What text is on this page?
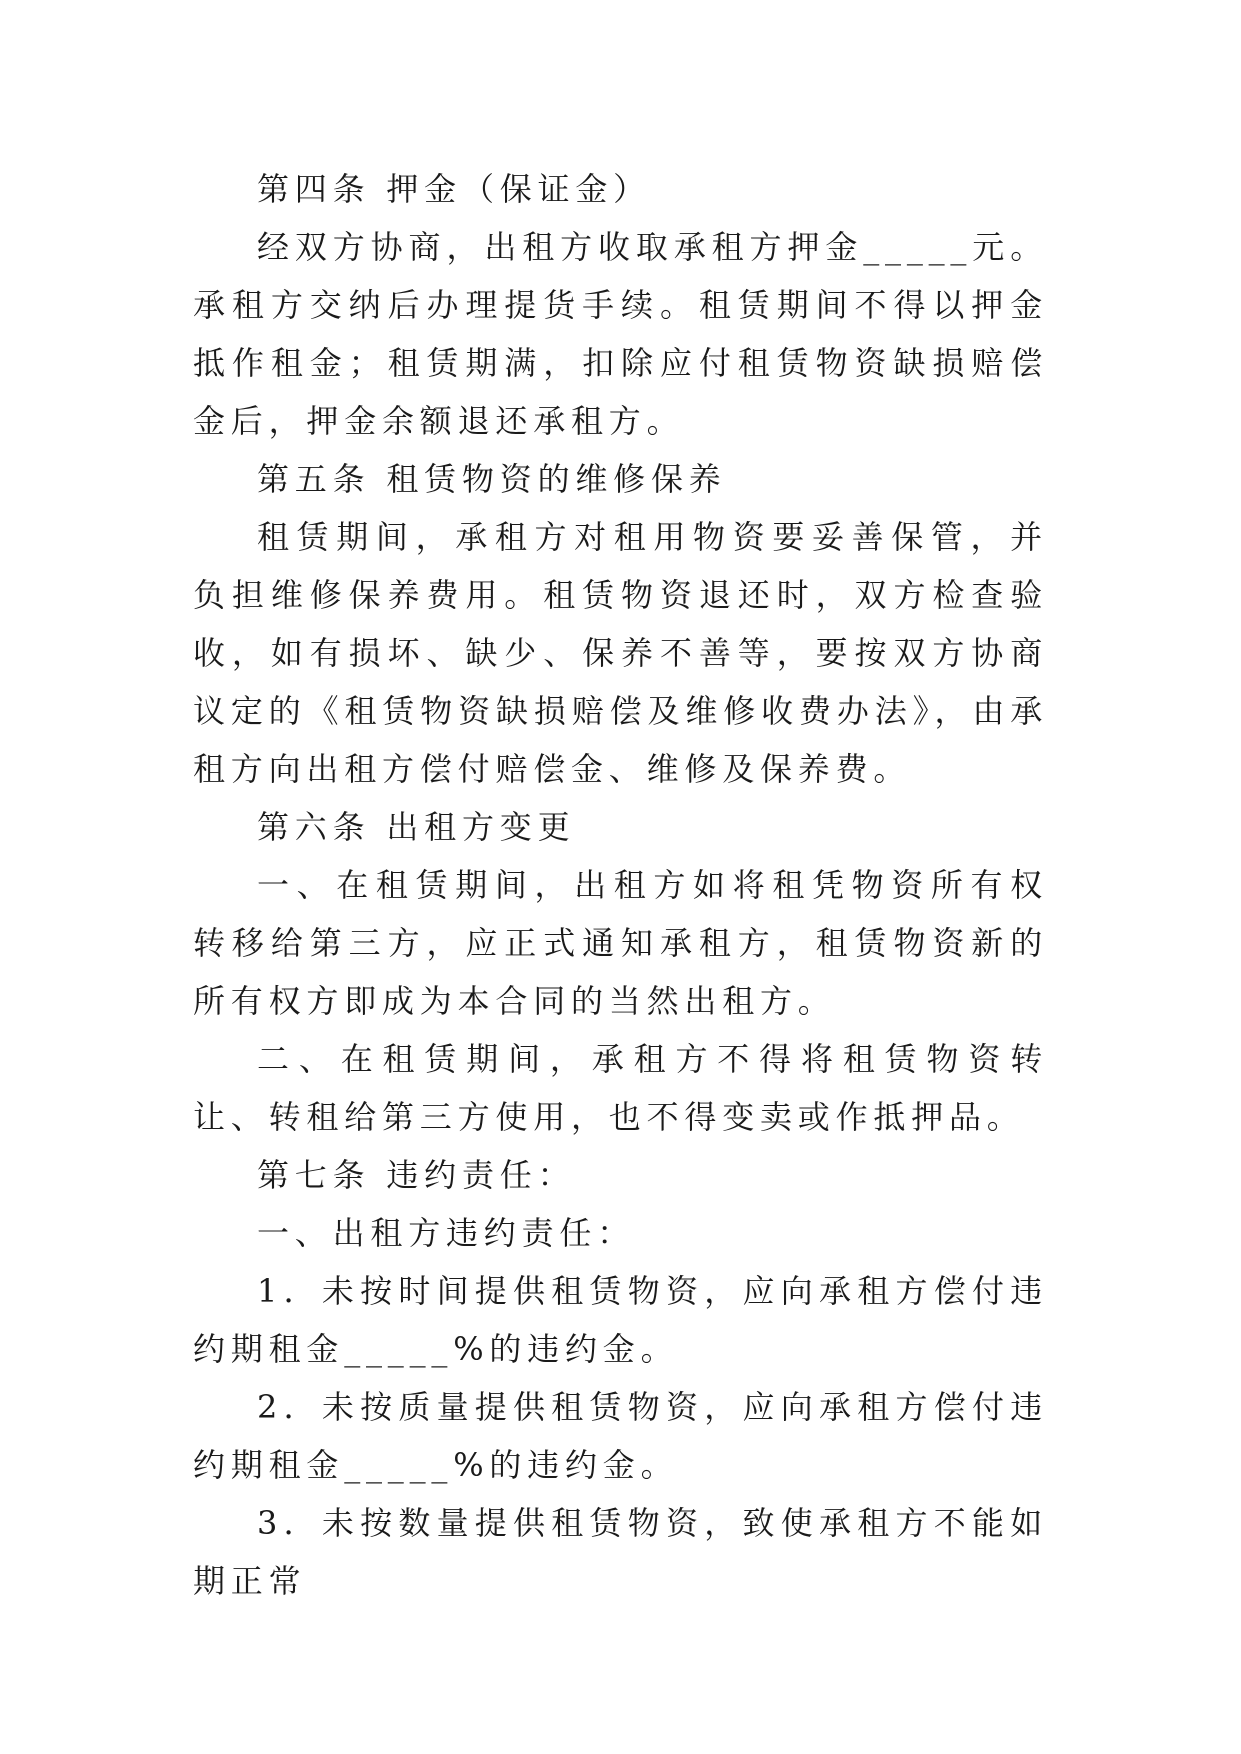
第四条 押金（保证金）

经双方协商，出租方收取承租方押金_____元。承租方交纳后办理提货手续。租赁期间不得以押金抵作租金；租赁期满，扣除应付租赁物资缺损赔偿金后，押金余额退还承租方。

第五条 租赁物资的维修保养

租赁期间，承租方对租用物资要妥善保管，并负担维修保养费用。租赁物资退还时，双方检查验收，如有损坏、缺少、保养不善等，要按双方协商议定的《租赁物资缺损赔偿及维修收费办法》，由承租方向出租方偿付赔偿金、维修及保养费。

第六条 出租方变更

一、在租赁期间，出租方如将租凭物资所有权转移给第三方，应正式通知承租方，租赁物资新的所有权方即成为本合同的当然出租方。

二、在租赁期间，承租方不得将租赁物资转让、转租给第三方使用，也不得变卖或作抵押品。

第七条 违约责任：

一、出租方违约责任：

1．未按时间提供租赁物资，应向承租方偿付违约期租金_____%的违约金。

2．未按质量提供租赁物资，应向承租方偿付违约期租金_____%的违约金。

3．未按数量提供租赁物资，致使承租方不能如期正常
